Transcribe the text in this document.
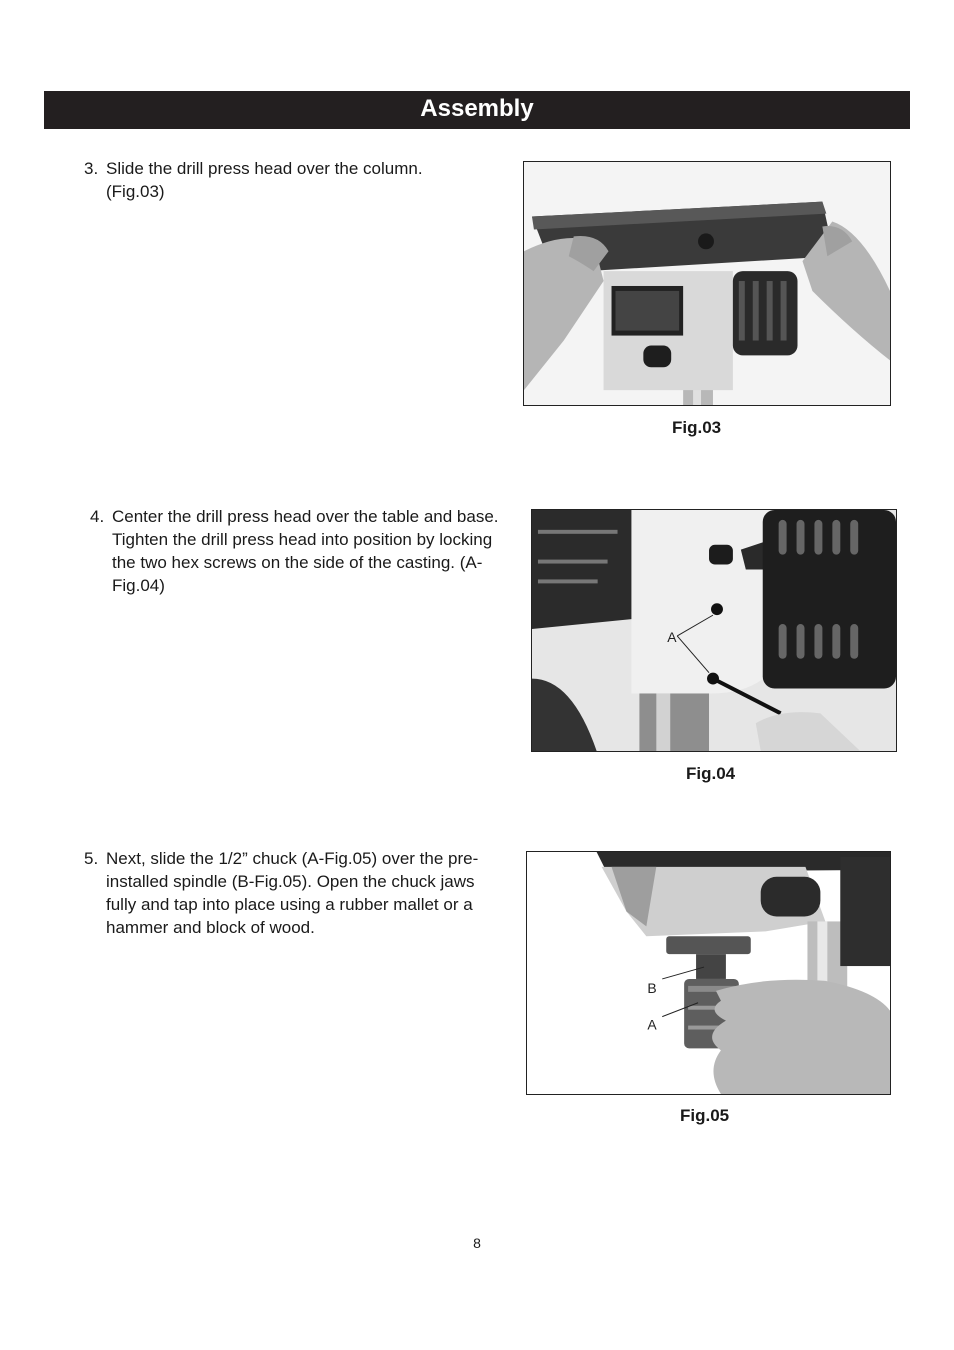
Assembly
3. Slide the drill press head over the column. (Fig.03)
Fig.03
4. Center the drill press head over the table and base. Tighten the drill press head into position by locking the two hex screws on the side of the casting. (A-Fig.04)
A
Fig.04
5. Next, slide the 1/2” chuck (A-Fig.05) over the pre-installed spindle (B-Fig.05). Open the chuck jaws fully and tap into place using a rubber mallet or a hammer and block of wood.
B
A
Fig.05
8
